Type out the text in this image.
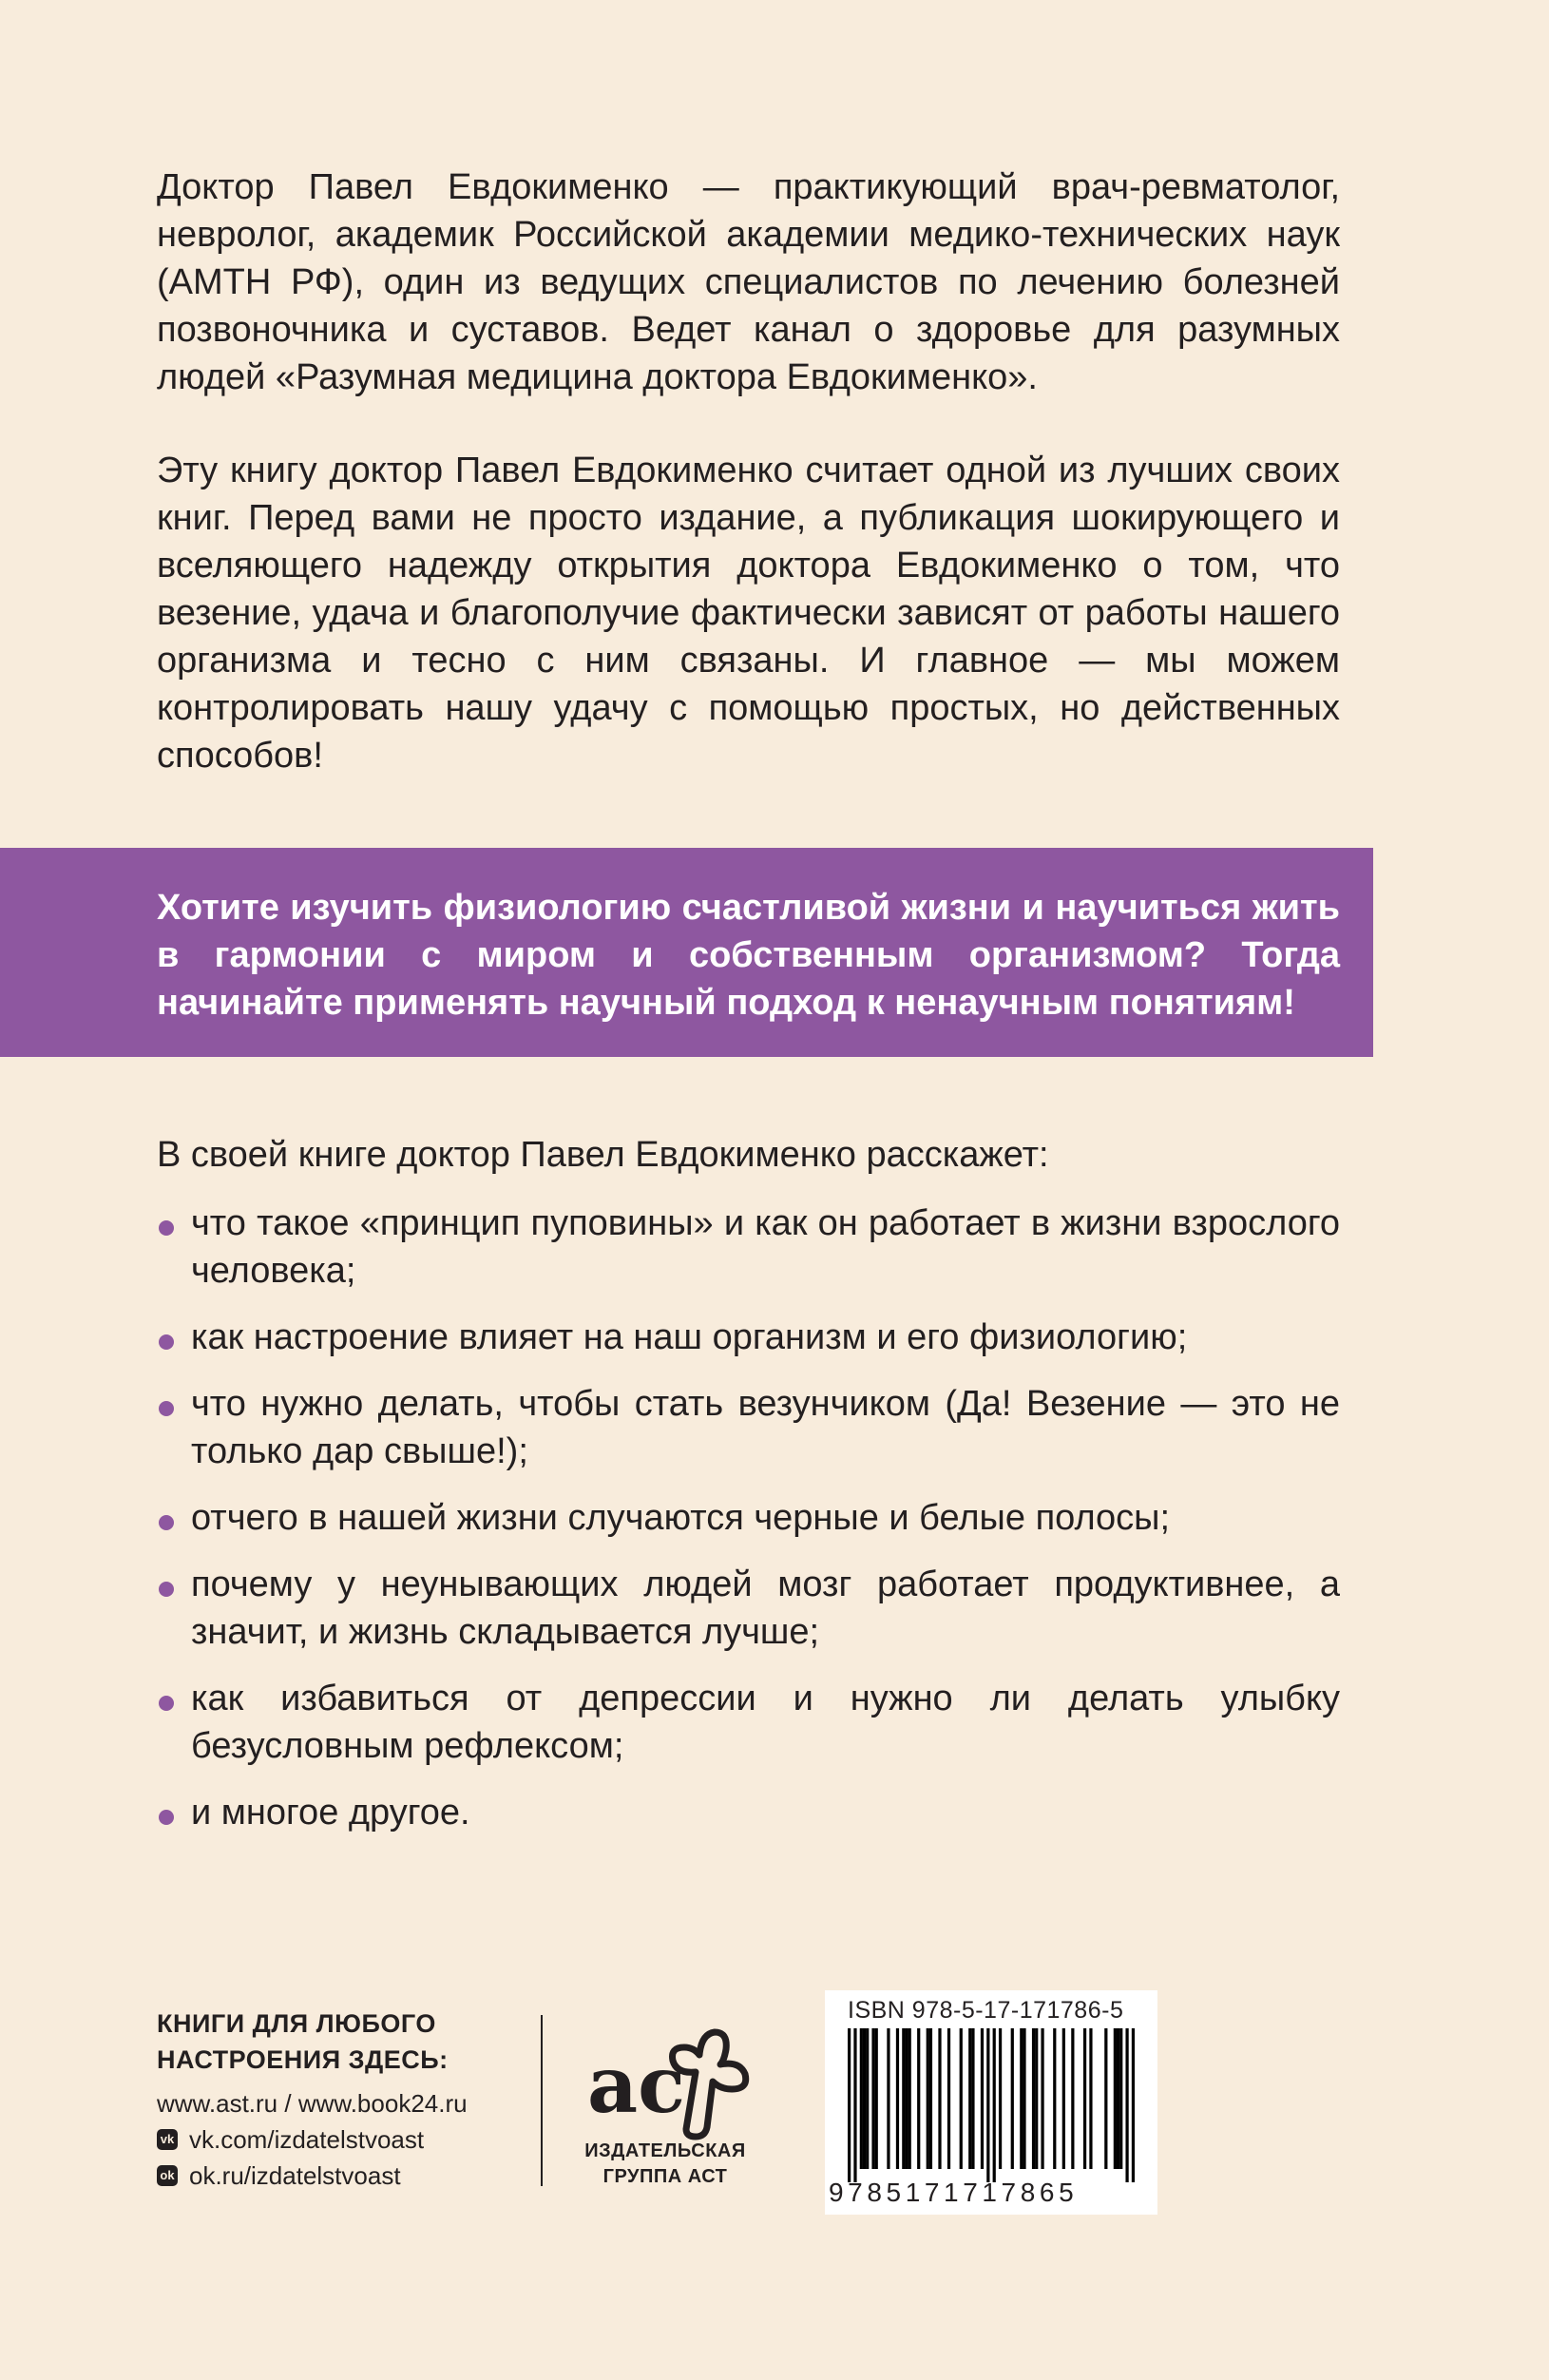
Доктор Павел Евдокименко — практикующий врач-ревматолог, невролог, академик Российской академии медико-технических наук (АМТН РФ), один из ведущих специалистов по лечению болезней позвоночника и суставов. Ведет канал о здоровье для разумных людей «Разумная медицина доктора Евдокименко».

Эту книгу доктор Павел Евдокименко считает одной из лучших своих книг. Перед вами не просто издание, а публикация шокирующего и вселяющего надежду открытия доктора Евдокименко о том, что везение, удача и благополучие фактически зависят от работы нашего организма и тесно с ним связаны. И главное — мы можем контролировать нашу удачу с помощью простых, но действенных способов!

Хотите изучить физиологию счастливой жизни и научиться жить в гармонии с миром и собственным организмом? Тогда начинайте применять научный подход к ненаучным понятиям!

В своей книге доктор Павел Евдокименко расскажет:

что такое «принцип пуповины» и как он работает в жизни взрослого человека;
как настроение влияет на наш организм и его физиологию;
что нужно делать, чтобы стать везунчиком (Да! Везение — это не только дар свыше!);
отчего в нашей жизни случаются черные и белые полосы;
почему у неунывающих людей мозг работает продуктивнее, а значит, и жизнь складывается лучше;
как избавиться от депрессии и нужно ли делать улыбку безусловным рефлексом;
и многое другое.

КНИГИ ДЛЯ ЛЮБОГО
НАСТРОЕНИЯ ЗДЕСЬ:

www.ast.ru / www.book24.ru

vk vk.com/izdatelstvoast

ok ok.ru/izdatelstvoast

ac

ИЗДАТЕЛЬСКАЯ
ГРУППА АСТ

ISBN 978-5-17-171786-5

9785171717865
